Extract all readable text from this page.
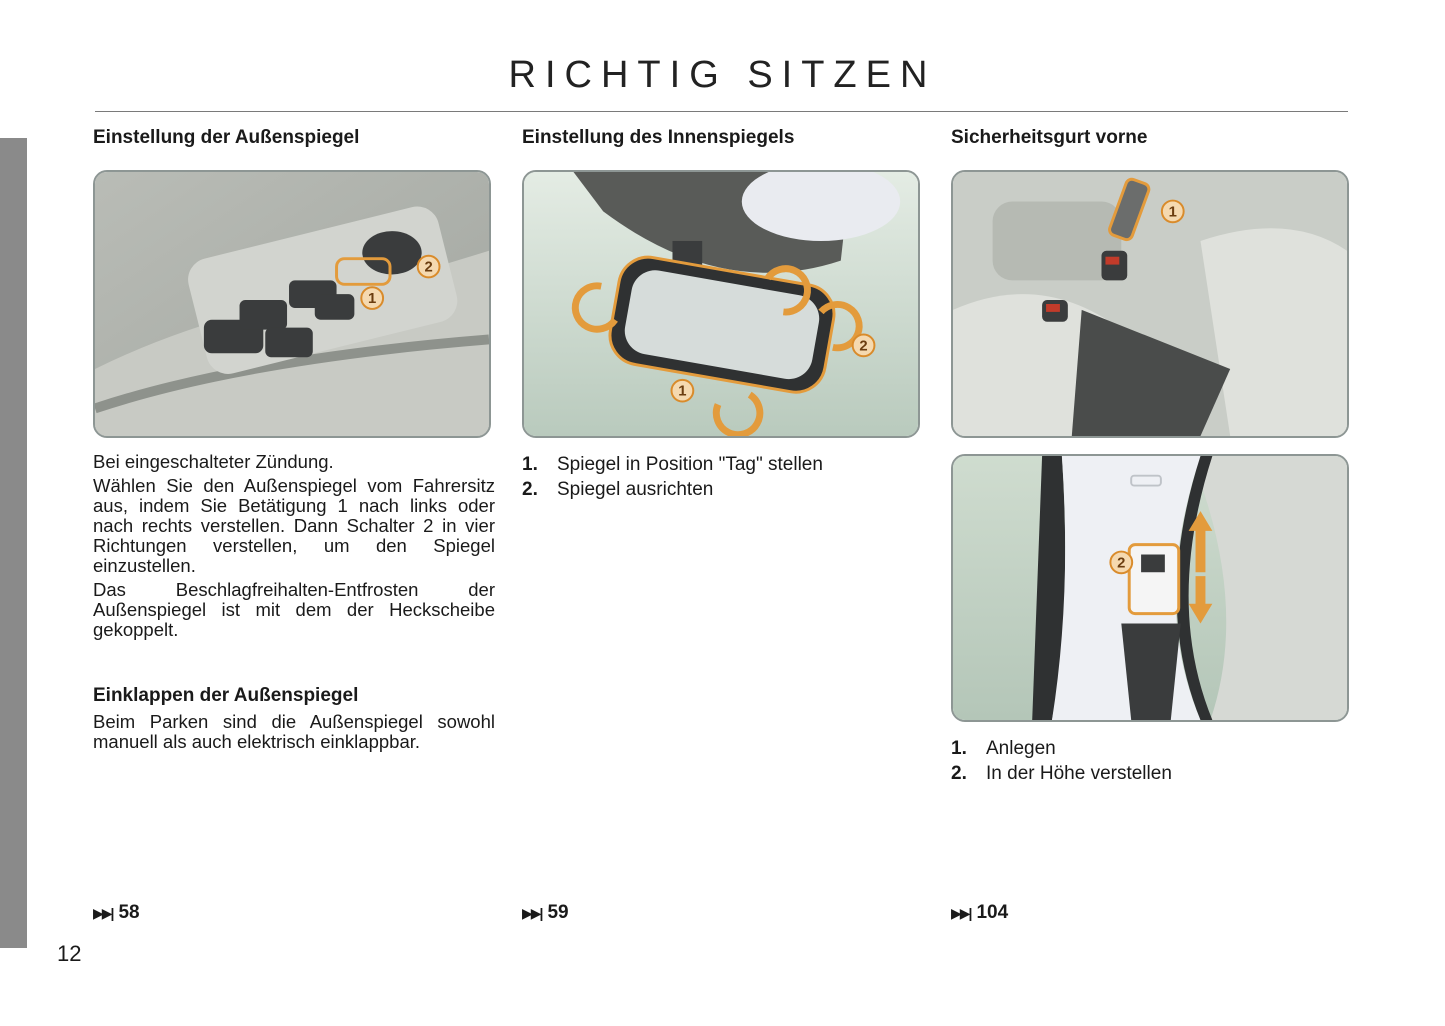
RICHTIG SITZEN
Einstellung der Außenspiegel
1
2

Bei eingeschalteter Zündung.

Wählen Sie den Außenspiegel vom Fahrersitz aus, indem Sie Betätigung 1 nach links oder nach rechts verstellen. Dann Schalter 2 in vier Richtungen verstellen, um den Spiegel einzustellen.

Das Beschlagfreihalten-Entfrosten der Außenspiegel ist mit dem der Heckscheibe gekoppelt.

Einklappen der Außenspiegel

Beim Parken sind die Außenspiegel sowohl manuell als auch elektrisch einklappbar.

Einstellung des Innenspiegels
2
1
1.	Spiegel in Position "Tag" stellen
2.	Spiegel ausrichten
Sicherheitsgurt vorne
1
2
1.	Anlegen
2.	In der Höhe verstellen
▶▶| 58	▶▶| 59	▶▶| 104
12
